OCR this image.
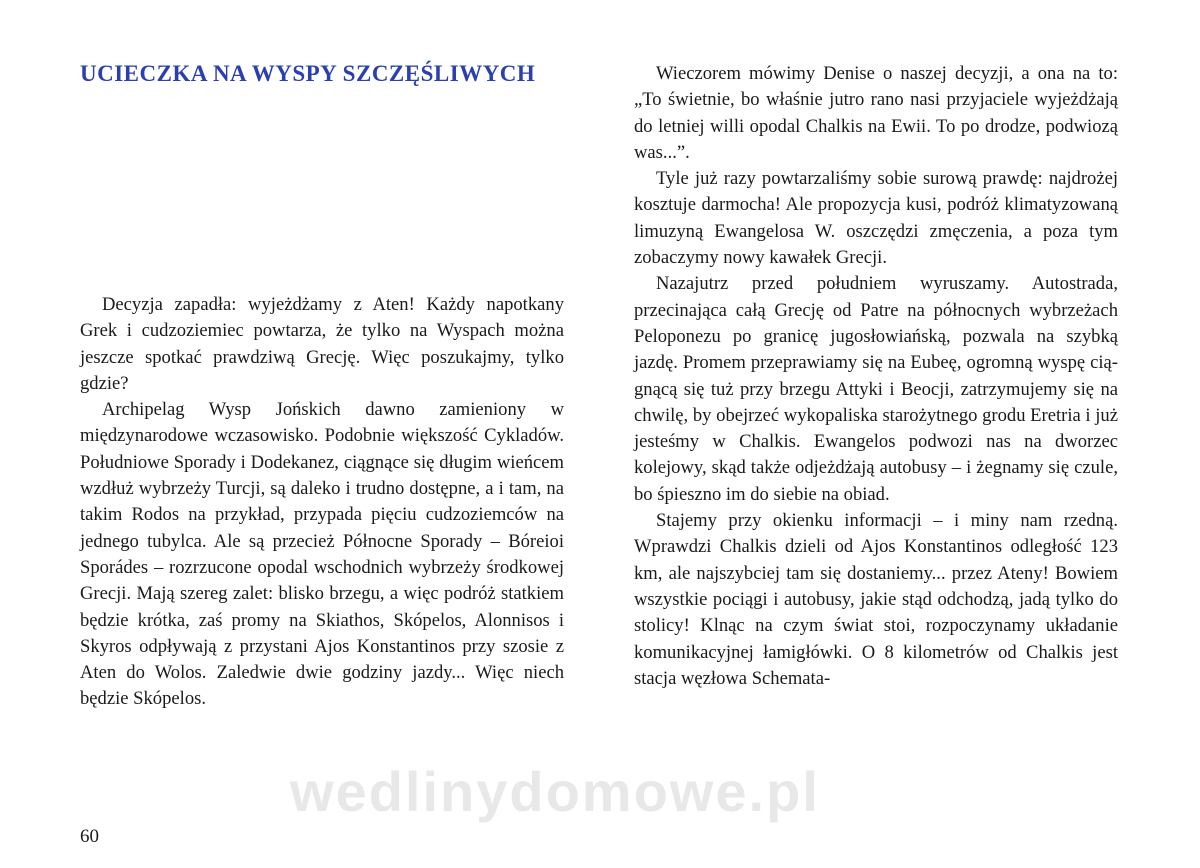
UCIECZKA NA WYSPY SZCZĘŚLIWYCH

Decyzja zapadła: wyjeżdżamy z Aten! Każdy napotkany Grek i cudzoziemiec powtarza, że tylko na Wyspach można jeszcze spotkać prawdziwą Grecję. Więc poszukajmy, tylko gdzie?

Archipelag Wysp Jońskich dawno zamieniony w międzynarodowe wczasowisko. Podobnie większość Cykladów. Południowe Sporady i Dodekanez, ciągnące się długim wieńcem wzdłuż wybrzeży Turcji, są daleko i trudno dostępne, a i tam, na takim Rodos na przykład, przypada pięciu cudzoziemców na jednego tubylca. Ale są przecież Północne Sporady – Bóreioi Sporádes – rozrzucone opodal wschodnich wybrzeży środkowej Grecji. Mają szereg zalet: blisko brzegu, a więc podróż statkiem będzie krótka, zaś promy na Skiathos, Skópelos, Alonnisos i Skyros odpływają z przystani Ajos Konstantinos przy szosie z Aten do Wolos. Zaledwie dwie godziny jazdy... Więc niech będzie Skópelos.

Wieczorem mówimy Denise o naszej decyzji, a ona na to: „To świetnie, bo właśnie jutro rano nasi przyjaciele wyjeżdżają do letniej willi opodal Chalkis na Ewii. To po drodze, podwiozą was...”.

Tyle już razy powtarzaliśmy sobie surową prawdę: najdrożej kosztuje darmocha! Ale propozycja kusi, podróż klimatyzowaną limuzyną Ewangelosa W. oszczędzi zmęczenia, a poza tym zobaczymy nowy kawałek Grecji.

Nazajutrz przed południem wyruszamy. Autostrada, przecinająca całą Grecję od Patre na północnych wybrzeżach Peloponezu po granicę jugosłowiańską, pozwala na szybką jazdę. Promem przeprawiamy się na Eubeę, ogromną wyspę ciągnącą się tuż przy brzegu Attyki i Beocji, zatrzymujemy się na chwilę, by obejrzeć wykopaliska starożytnego grodu Eretria i już jesteśmy w Chalkis. Ewangelos podwozi nas na dworzec kolejowy, skąd także odjeżdżają autobusy – i żegnamy się czule, bo śpieszno im do siebie na obiad.

Stajemy przy okienku informacji – i miny nam rzedną. Wprawdzi Chalkis dzieli od Ajos Konstantinos odległość 123 km, ale najszybciej tam się dostaniemy... przez Ateny! Bowiem wszystkie pociągi i autobusy, jakie stąd odchodzą, jadą tylko do stolicy! Klnąc na czym świat stoi, rozpoczynamy układanie komunikacyjnej łamigłówki. O 8 kilometrów od Chalkis jest stacja węzłowa Schemata-

60
wedlinydomowe.pl
